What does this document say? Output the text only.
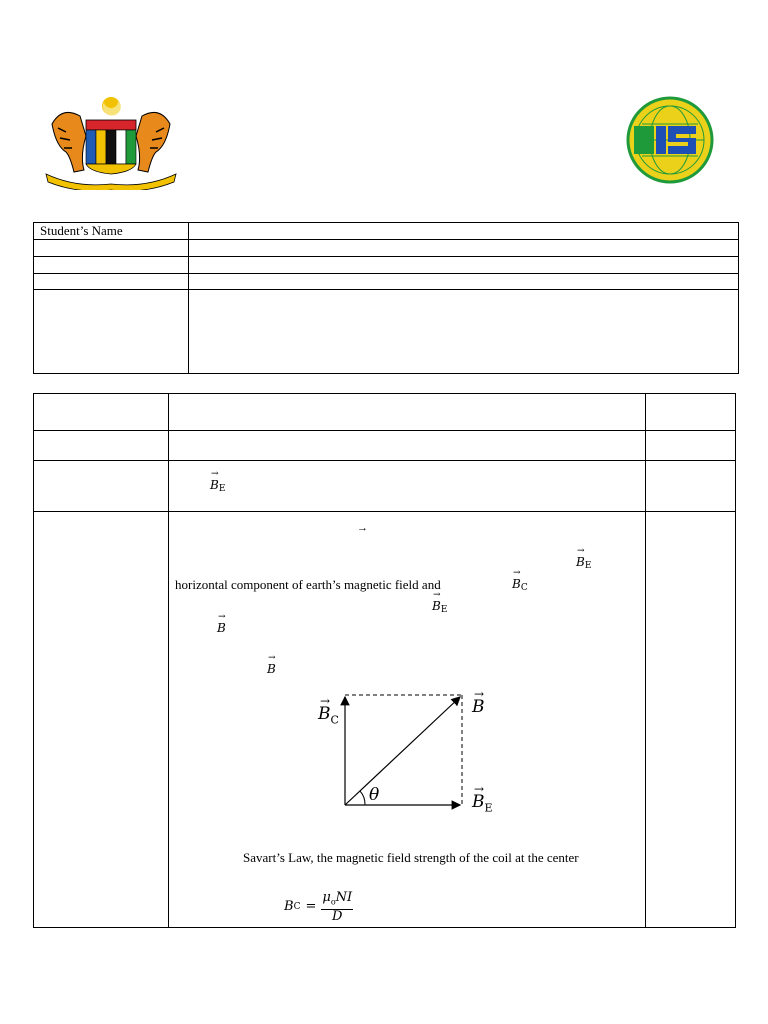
Student’s Name	

→ $B_E$
→
→ $B_E$
horizontal component of earth’s magnetic field and
→	$B_C$
→ $B_E$
→ B
→ B
→
$B_C$
→
B
θ	→
$B_E$
Savart’s Law, the magnetic field strength of the coil at the center
B C =
$\mu_oNI$
D
